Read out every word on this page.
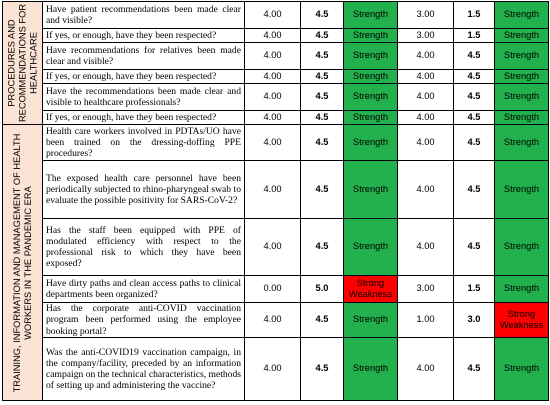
PROCEDURES AND RECOMMENDATIONS FOR HEALTHCARE	Have patient recommendations been made clear and visible?	4.00	4.5	Strength	3.00	1.5	Strength
	If yes, or enough, have they been respected?	4.00	4.5	Strength	3.00	1.5	Strength
	Have recommendations for relatives been made clear and visible?	4.00	4.5	Strength	4.00	4.5	Strength
	If yes, or enough, have they been respected?	4.00	4.5	Strength	4.00	4.5	Strength
	Have the recommendations been made clear and visible to healthcare professionals?	4.00	4.5	Strength	4.00	4.5	Strength
	If yes, or enough, have they been respected?	4.00	4.5	Strength	4.00	4.5	Strength

TRAINING, INFORMATION AND MANAGEMENT OF HEALTH WORKERS IN THE PANDEMIC ERA	Health care workers involved in PDTAs/UO have been trained on the dressing-doffing PPE procedures?	4.00	4.5	Strength	4.00	4.5	Strength
	The exposed health care personnel have been periodically subjected to rhino-pharyngeal swab to evaluate the possible positivity for SARS-CoV-2?	4.00	4.5	Strength	4.00	4.5	Strength
	Has the staff been equipped with PPE of modulated efficiency with respect to the professional risk to which they have been exposed?	4.00	4.5	Strength	4.00	4.5	Strength
	Have dirty paths and clean access paths to clinical departments been organized?	0.00	5.0	Strong Weakness	3.00	1.5	Strength
	Has the corporate anti-COVID vaccination program been performed using the employee booking portal?	4.00	4.5	Strength	1.00	3.0	Strong Weakness
	Was the anti-COVID19 vaccination campaign, in the company/facility, preceded by an information campaign on the technical characteristics, methods of setting up and administering the vaccine?	4.00	4.5	Strength	4.00	4.5	Strength
